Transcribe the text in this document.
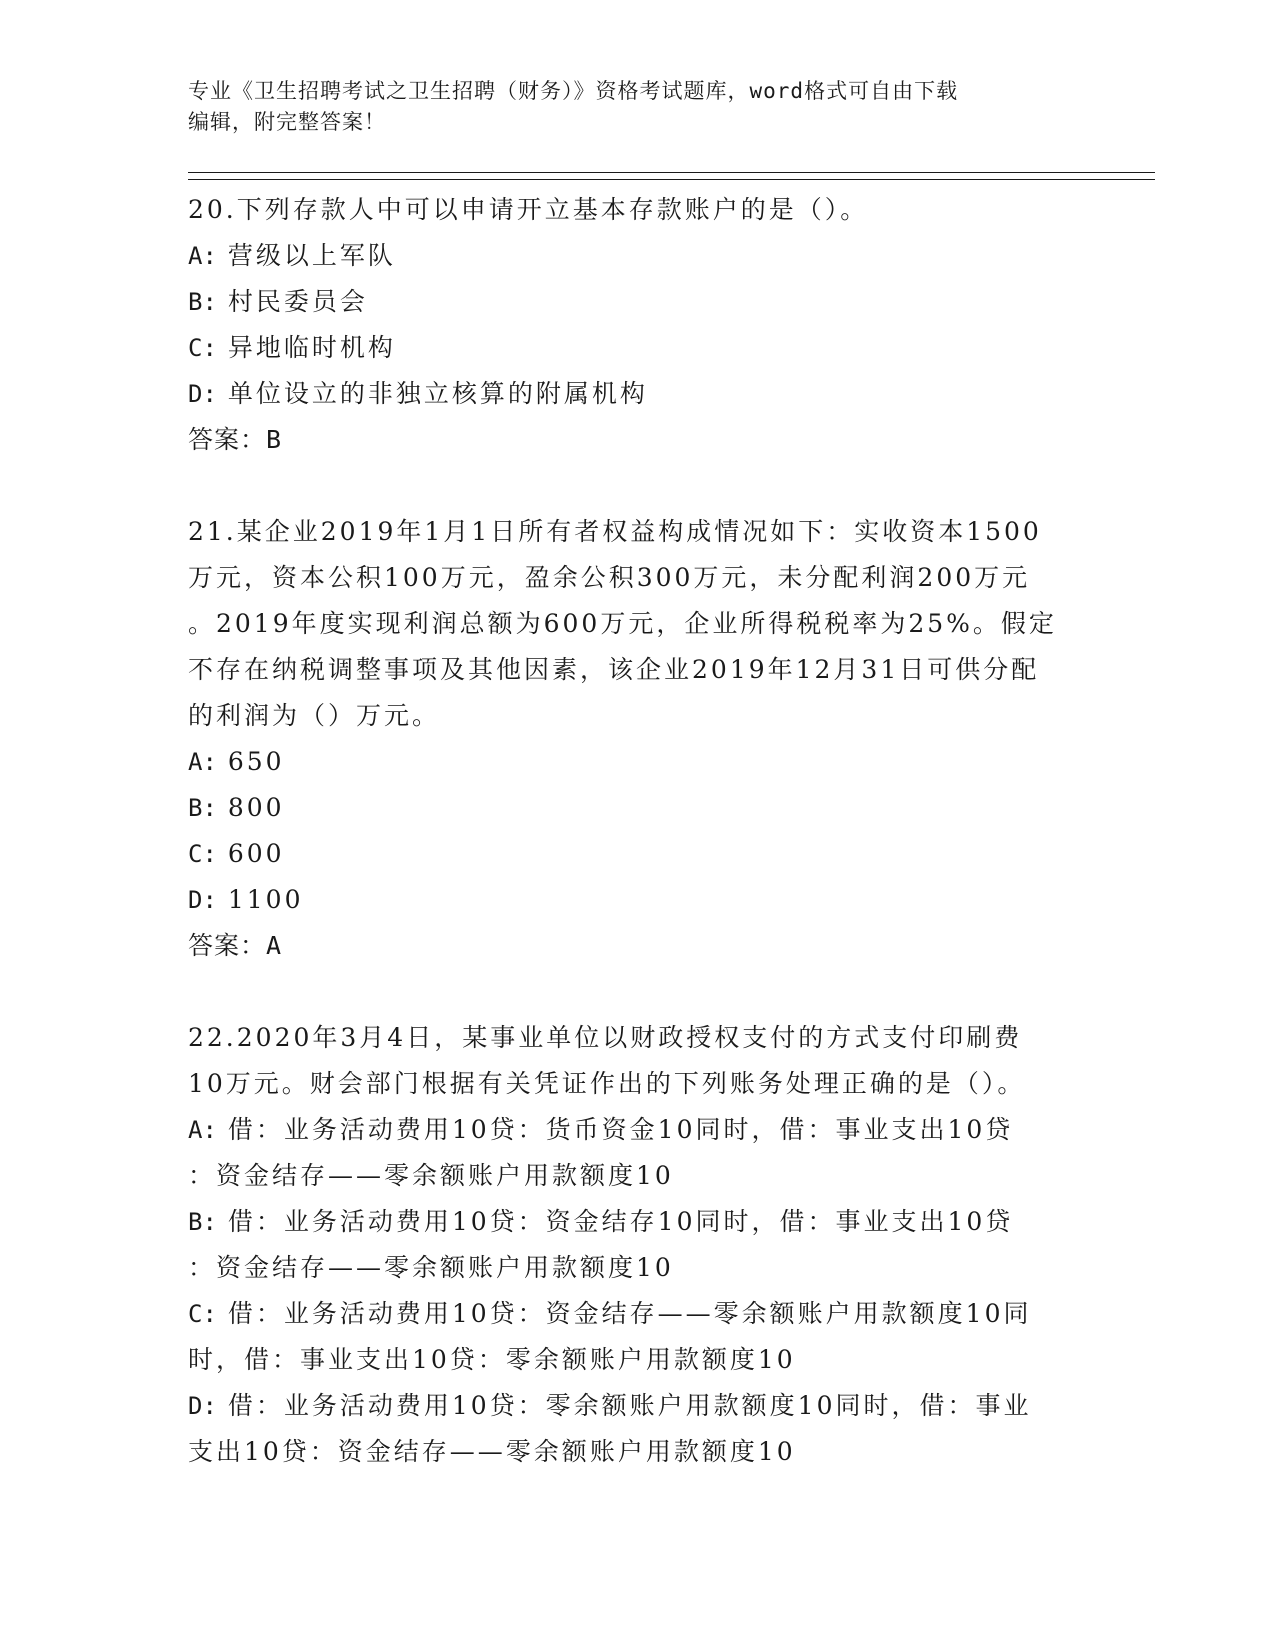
专业《卫生招聘考试之卫生招聘（财务）》资格考试题库，word格式可自由下载
编辑，附完整答案！

20.下列存款人中可以申请开立基本存款账户的是（）。

A: 营级以上军队

B: 村民委员会

C: 异地临时机构

D: 单位设立的非独立核算的附属机构

答案：B

21.某企业2019年1月1日所有者权益构成情况如下：实收资本1500

万元，资本公积100万元，盈余公积300万元，未分配利润200万元

。2019年度实现利润总额为600万元，企业所得税税率为25%。假定

不存在纳税调整事项及其他因素，该企业2019年12月31日可供分配

的利润为（）万元。

A: 650

B: 800

C: 600

D: 1100

答案：A

22.2020年3月4日，某事业单位以财政授权支付的方式支付印刷费

10万元。财会部门根据有关凭证作出的下列账务处理正确的是（）。

A: 借：业务活动费用10贷：货币资金10同时，借：事业支出10贷

：资金结存——零余额账户用款额度10

B: 借：业务活动费用10贷：资金结存10同时，借：事业支出10贷

：资金结存——零余额账户用款额度10

C: 借：业务活动费用10贷：资金结存——零余额账户用款额度10同

时，借：事业支出10贷：零余额账户用款额度10

D: 借：业务活动费用10贷：零余额账户用款额度10同时，借：事业

支出10贷：资金结存——零余额账户用款额度10
